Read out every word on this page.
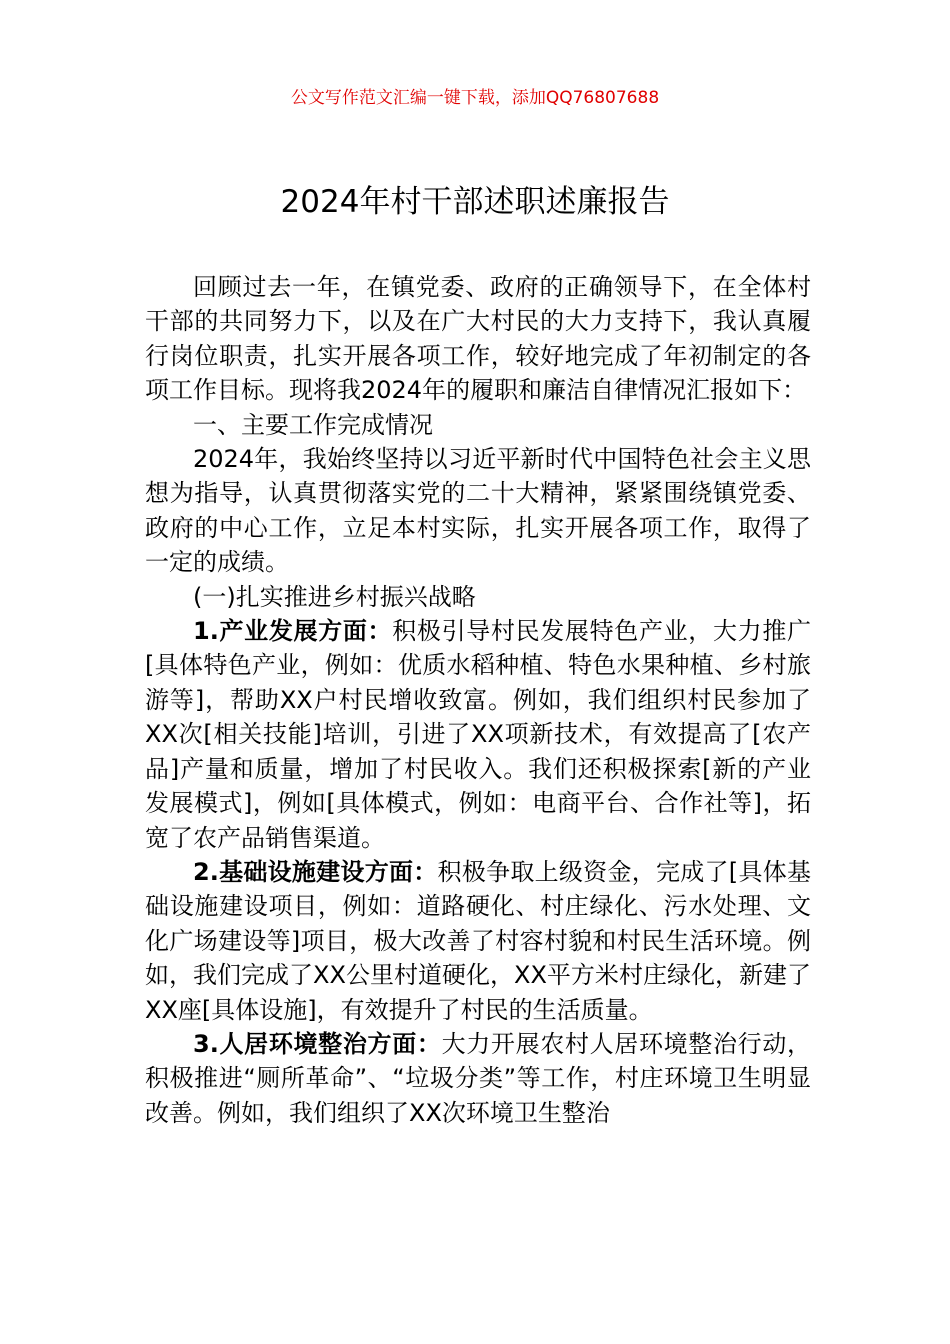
公文写作范文汇编一键下载，添加QQ76807688
2024年村干部述职述廉报告

回顾过去一年，在镇党委、政府的正确领导下，在全体村干部的共同努力下，以及在广大村民的大力支持下，我认真履行岗位职责，扎实开展各项工作，较好地完成了年初制定的各项工作目标。现将我2024年的履职和廉洁自律情况汇报如下：

一、主要工作完成情况

2024年，我始终坚持以习近平新时代中国特色社会主义思想为指导，认真贯彻落实党的二十大精神，紧紧围绕镇党委、政府的中心工作，立足本村实际，扎实开展各项工作，取得了一定的成绩。

(一)扎实推进乡村振兴战略

1.产业发展方面：积极引导村民发展特色产业，大力推广[具体特色产业，例如：优质水稻种植、特色水果种植、乡村旅游等]，帮助XX户村民增收致富。例如，我们组织村民参加了XX次[相关技能]培训，引进了XX项新技术，有效提高了[农产品]产量和质量，增加了村民收入。我们还积极探索[新的产业发展模式]，例如[具体模式，例如：电商平台、合作社等]，拓宽了农产品销售渠道。

2.基础设施建设方面：积极争取上级资金，完成了[具体基础设施建设项目，例如：道路硬化、村庄绿化、污水处理、文化广场建设等]项目，极大改善了村容村貌和村民生活环境。例如，我们完成了XX公里村道硬化，XX平方米村庄绿化，新建了XX座[具体设施]，有效提升了村民的生活质量。

3.人居环境整治方面：大力开展农村人居环境整治行动，积极推进“厕所革命”、“垃圾分类”等工作，村庄环境卫生明显改善。例如，我们组织了XX次环境卫生整治
